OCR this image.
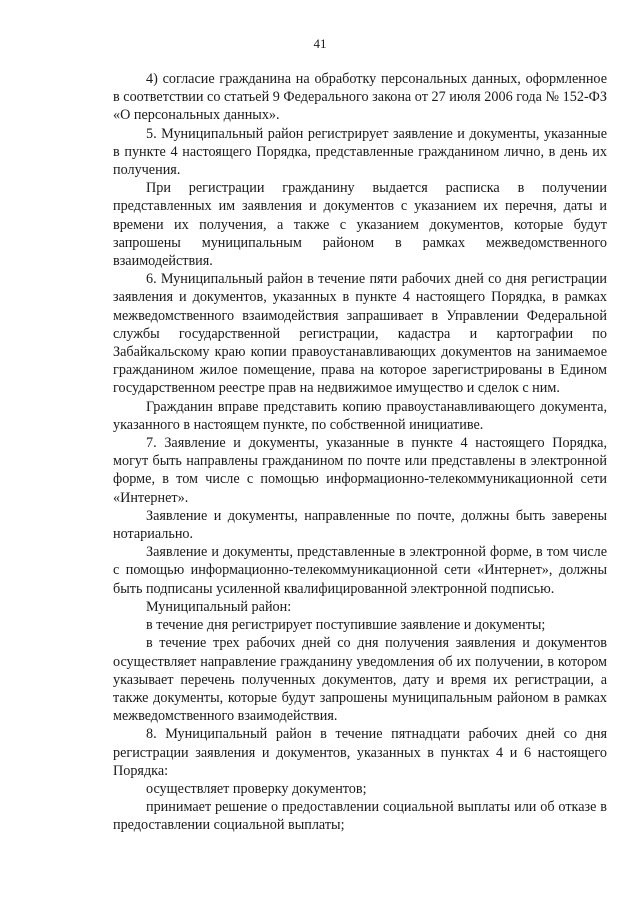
41

4) согласие гражданина на обработку персональных данных, оформленное в соответствии со статьей 9 Федерального закона от 27 июля 2006 года № 152-ФЗ «О персональных данных».

5. Муниципальный район регистрирует заявление и документы, указанные в пункте 4 настоящего Порядка, представленные гражданином лично, в день их получения.

При регистрации гражданину выдается расписка в получении представленных им заявления и документов с указанием их перечня, даты и времени их получения, а также с указанием документов, которые будут запрошены муниципальным районом в рамках межведомственного взаимодействия.

6. Муниципальный район в течение пяти рабочих дней со дня регистрации заявления и документов, указанных в пункте 4 настоящего Порядка, в рамках межведомственного взаимодействия запрашивает в Управлении Федеральной службы государственной регистрации, кадастра и картографии по Забайкальскому краю копии правоустанавливающих документов на занимаемое гражданином жилое помещение, права на которое зарегистрированы в Едином государственном реестре прав на недвижимое имущество и сделок с ним.

Гражданин вправе представить копию правоустанавливающего документа, указанного в настоящем пункте, по собственной инициативе.

7. Заявление и документы, указанные в пункте 4 настоящего Порядка, могут быть направлены гражданином по почте или представлены в электронной форме, в том числе с помощью информационно-телекоммуникационной сети «Интернет».

Заявление и документы, направленные по почте, должны быть заверены нотариально.

Заявление и документы, представленные в электронной форме, в том числе с помощью информационно-телекоммуникационной сети «Интернет», должны быть подписаны усиленной квалифицированной электронной подписью.

Муниципальный район:

в течение дня регистрирует поступившие заявление и документы;

в течение трех рабочих дней со дня получения заявления и документов осуществляет направление гражданину уведомления об их получении, в котором указывает перечень полученных документов, дату и время их регистрации, а также документы, которые будут запрошены муниципальным районом в рамках межведомственного взаимодействия.

8. Муниципальный район в течение пятнадцати рабочих дней со дня регистрации заявления и документов, указанных в пунктах 4 и 6 настоящего Порядка:

осуществляет проверку документов;

принимает решение о предоставлении социальной выплаты или об отказе в предоставлении социальной выплаты;
